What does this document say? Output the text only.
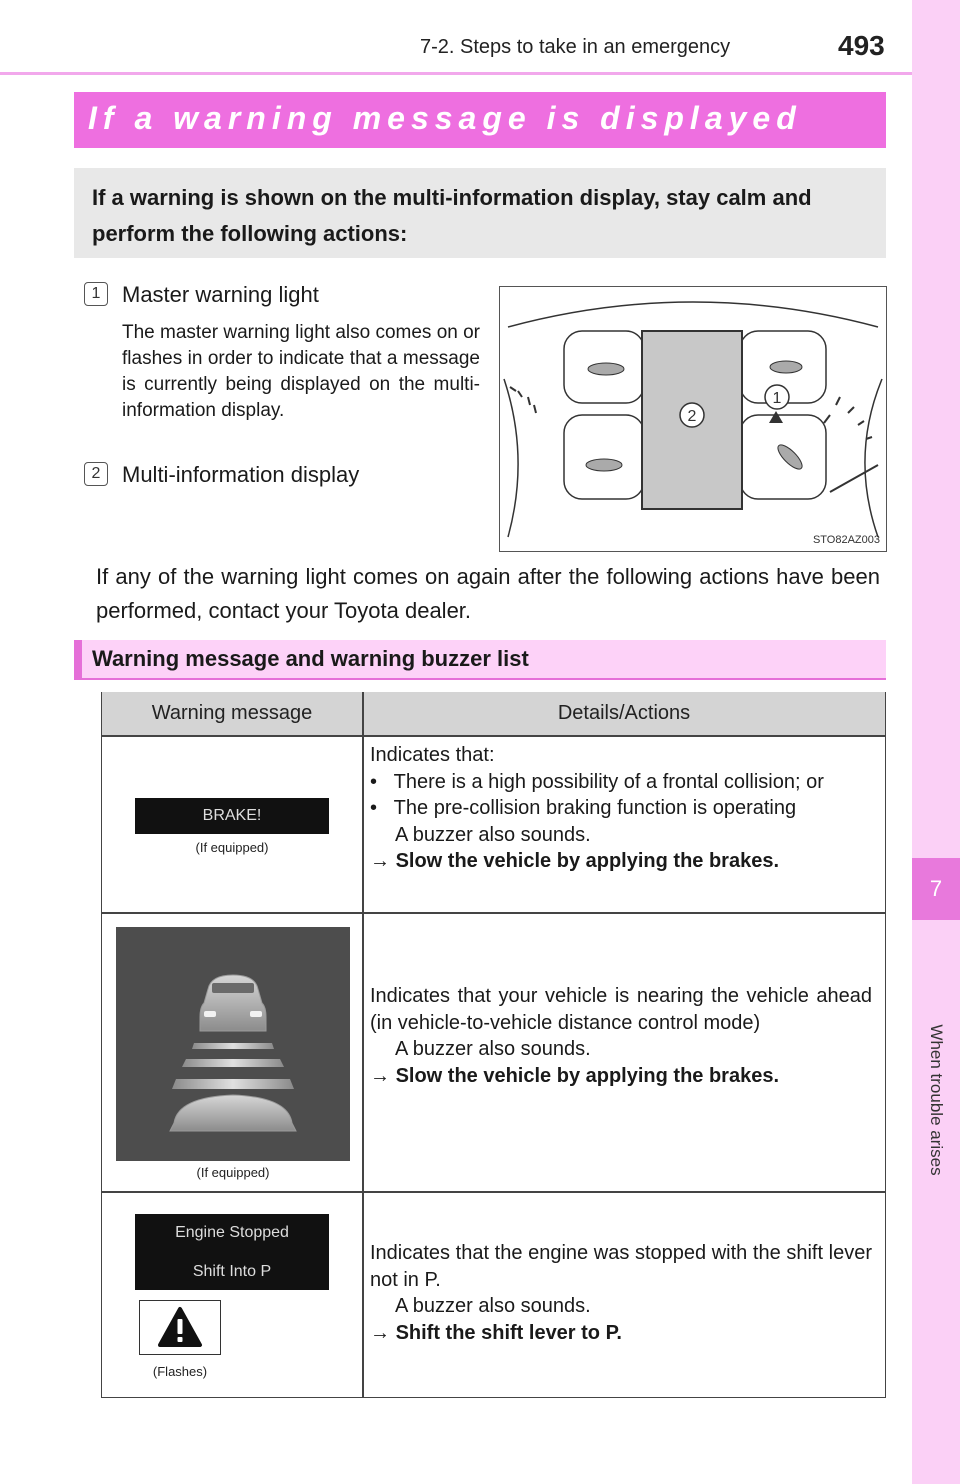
7-2. Steps to take in an emergency	493
7
When trouble arises
If a warning message is displayed
If a warning is shown on the multi-information display, stay calm and perform the following actions:
1 Master warning light
The master warning light also comes on or flashes in order to indicate that a message is currently being displayed on the multi-information display.
2 Multi-information display
1
2
STO82AZ003
If any of the warning light comes on again after the following actions have been performed, contact your Toyota dealer.
Warning message and warning buzzer list
Warning message	Details/Actions
BRAKE!
(If equipped)
Indicates that:
•   There is a high possibility of a frontal collision; or
•   The pre-collision braking function is operating
A buzzer also sounds.
→ Slow the vehicle by applying the brakes.
(If equipped)
Indicates that your vehicle is nearing the vehicle ahead (in vehicle-to-vehicle distance control mode)
A buzzer also sounds.
→ Slow the vehicle by applying the brakes.
Engine Stopped
Shift Into P
(Flashes)
Indicates that the engine was stopped with the shift lever not in P.
A buzzer also sounds.
→ Shift the shift lever to P.
